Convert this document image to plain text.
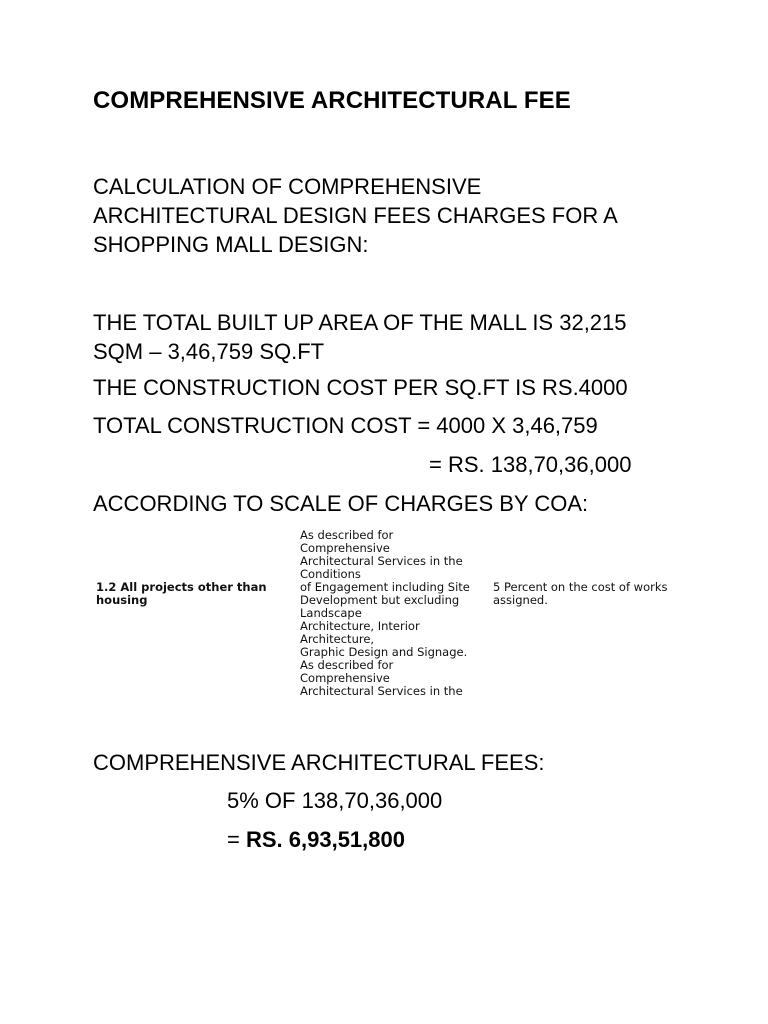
COMPREHENSIVE ARCHITECTURAL FEE
CALCULATION OF COMPREHENSIVE
ARCHITECTURAL DESIGN FEES CHARGES FOR A
SHOPPING MALL DESIGN:
THE TOTAL BUILT UP AREA OF THE MALL IS 32,215
SQM – 3,46,759 SQ.FT
THE CONSTRUCTION COST PER SQ.FT IS RS.4000
TOTAL CONSTRUCTION COST = 4000 X 3,46,759
= RS. 138,70,36,000
ACCORDING TO SCALE OF CHARGES BY COA:
1.2 All projects other than housing
As described for
Comprehensive
Architectural Services in the
Conditions
of Engagement including Site
Development but excluding
Landscape
Architecture, Interior
Architecture,
Graphic Design and Signage.
As described for
Comprehensive
Architectural Services in the
5 Percent on the cost of works assigned.
COMPREHENSIVE ARCHITECTURAL FEES:
5% OF 138,70,36,000
= RS. 6,93,51,800
